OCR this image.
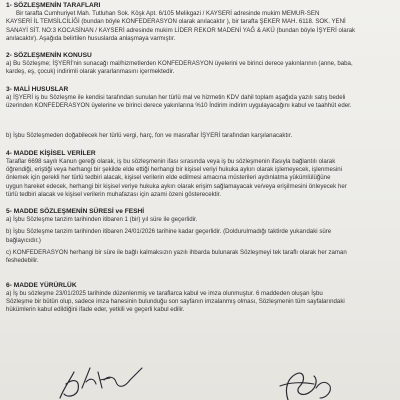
1- SÖZLEŞMENİN TARAFLARI

Bir tarafta Cumhuriyet Mah. Tutluhan Sok. Köşk Apt. 6/105 Melikgazi / KAYSERİ adresinde mukim MEMUR-SEN

KAYSERİ İL TEMSİLCİLİĞİ (bundan böyle KONFEDERASYON olarak anılacaktır ), bir tarafta ŞEKER MAH. 6118. SOK. YENİ

SANAYİ SİT. NO:3 KOCASİNAN / KAYSERİ adresinde mukim LİDER REKOR MADENİ YAĞ & AKÜ (bundan böyle İŞYERİ olarak

anılacaktır). Aşağıda belirtilen hususlarda anlaşmaya varmıştır.

2- SÖZLEŞMENİN KONUSU

a) Bu Sözleşme; İŞYERİ'nin sunacağı mal/hizmetlerden KONFEDERASYON üyelerini ve birinci derece yakınlarının (anne, baba,

kardeş, eş, çocuk) indirimli olarak yararlanmasını içermektedir.

3- MALİ HUSUSLAR

a) İŞYERİ iş bu Sözleşme ile kendisi tarafından sunulan her türlü mal ve hizmetin KDV dahil toplam aşağıda yazılı satış bedeli

üzerinden KONFEDERASYON üyelerine ve birinci derece yakınlarına %10 İndirim indirim uygulayacağını kabul ve taahhüt eder.

b) İşbu Sözleşmeden doğabilecek her türlü vergi, harç, fon ve masraflar İŞYERİ tarafından karşılanacaktır.

4- MADDE KİŞİSEL VERİLER

Taraflar 6698 sayılı Kanun gereği olarak, iş bu sözleşmenin ifası sırasında veya iş bu sözleşmenin ifasıyla bağlantılı olarak

öğrendiği, eriştiği veya herhangi bir şekilde elde ettiği herhangi bir kişisel veriyi hukuka aykırı olarak işlemeyecek, işlenmesini

önlemek için gerekli her türlü tedbiri alacak, kişisel verilerin elde edilmesi amacına müsterileri aydınlatma yükümlülüğüne

uygun hareket edecek, herhangi bir kişisel veriye hukuka aykırı olarak erişim sağlamayacak ve/veya erişilmesini önleyecek her

türlü tedbiri alacak ve kişisel verilerin muhafazası için azami özeni gösterecektir.

5- MADDE SÖZLEŞMENİN SÜRESİ ve FESHİ

a) İşbu Sözleşme tanzim tarihinden itibaren 1 (bir) yıl süre ile geçerlidir.

b) İşbu Sözleşme tanzim tarihinden itibaren 24/01/2026 tarihine kadar geçerlidir. (Doldurulmadığı taktirde yukarıdaki süre

bağlayıcıdır.)

c) KONFEDERASYON herhangi bir süre ile bağlı kalmaksızın yazılı ihbarda bulunarak Sözleşmeyi tek taraflı olarak her zaman

feshedebilir.

6- MADDE YÜRÜRLÜK

a) İş bu sözleşme 23/01/2025 tarihinde düzenlenmiş ve taraflarca kabul ve imza olunmuştur. 6 maddeden oluşan İşbu

Sözleşme bir bütün olup, sadece imza hanesinin bulunduğu son sayfanın imzalanmış olması, Sözleşmenin tüm sayfalarındaki

hükümlerin kabul edildiğini ifade eder, yetkili ve geçerli kabul edilir.
